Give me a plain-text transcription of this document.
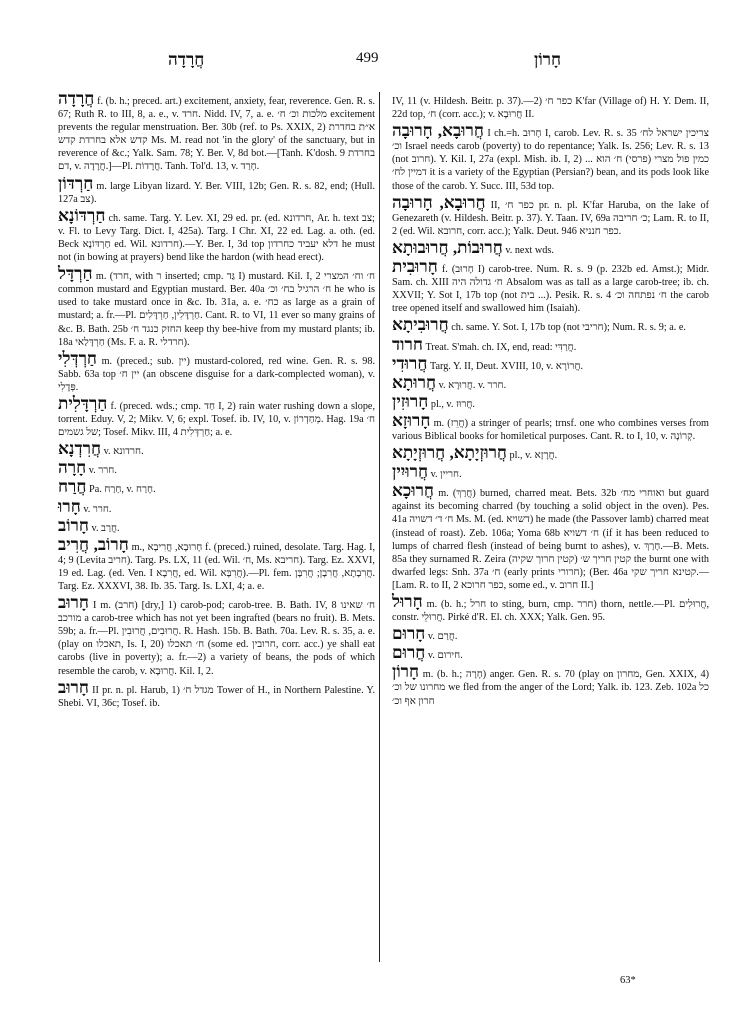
חֲרָדָה	499	חָרוֹן

חֲרָדָה f. (b. h.; preced. art.) excitement, anxiety, fear, reverence. Gen. R. s. 67; Ruth R. to III, 8, a. e., v. חרד. Nidd. IV, 7, a. e. מלכות וכ׳ ח׳ excitement prevents the regular menstruation. Ber. 30b (ref. to Ps. XXIX, 2) א״ת בחדרת קדש אלא בחרדת קדש Ms. M. read not 'in the glory' of the sanctuary, but in reverence of &c.; Yalk. Sam. 78; Y. Ber. V, 8d bot.—[Tanh. K'dosh. 9 בחרדת דם, v. חֲרָדָה.]—Pl. חֲרָדוֹת. Tanh. Tol'd. 13, v. חָרַד.

חַרְדּוֹן m. large Libyan lizard. Y. Ber. VIII, 12b; Gen. R. s. 82, end; (Hull. 127a צב).

חַרְדּוֹנָא ch. same. Targ. Y. Lev. XI, 29 ed. pr. (ed. חרדונא, Ar. h. text צב; v. Fl. to Levy Targ. Dict. I, 425a). Targ. I Chr. XI, 22 ed. Lag. a. oth. (ed. Beck חַרְדּוֹנָא ed. Wil. חרדונא).—Y. Ber. I, 3d top דלא יעביד כחרדון he must not (in bowing at prayers) bend like the hardon (with head erect).

חַרְדָּל m. (חרד, with ר inserted; cmp. גַּד I) mustard. Kil. I, 2 ח׳ וח׳ המצרי common mustard and Egyptian mustard. Ber. 40a ח׳ הרגיל בח׳ וכ׳ he who is used to take mustard once in &c. Ib. 31a, a. e. כח׳ as large as a grain of mustard; a. fr.—Pl. חַרְדָּלִין, חַרְדָּלִים. Cant. R. to VI, 11 ever so many grains of &c. B. Bath. 25b החזק כנגד ח׳ keep thy bee-hive from my mustard plants; ib. 18a חַרְדָּלַאי (Ms. F. a. R. חרדלי).

חַרְדְּלִי m. (preced.; sub. יין) mustard-colored, red wine. Gen. R. s. 98. Sabb. 63a top יין ח׳ (an obscene disguise for a dark-complected woman), v. פְּדָלִי.

חַרְדָּלִית f. (preced. wds.; cmp. חַד I, 2) rain water rushing down a slope, torrent. Eduy. V, 2; Mikv. V, 6; expl. Tosef. ib. IV, 10, v. מְחַדְרוֹן. Hag. 19a ח׳ של גשמים; Tosef. Mikv. III, 4 חַרְדְּלִית; a. e.

חֲרִדְנָא v. חרדונא.

חָרָה v. חרר.

חֲרַח Pa. חַרַח, v. חָרַח.

חָרוּ v. חרר.

חָרוֹב v. חֲרַב.

חָרוֹב, חֲרִיב m., חָרוּבָא, חֲרִיבָא f. (preced.) ruined, desolate. Targ. Hag. I, 4; 9 (Levita חריב). Targ. Ps. LX, 11 (ed. Wil. ח׳, Ms. חריבא). Targ. Ez. XXVI, 19 ed. Lag. (ed. Ven. I חֲרִבָא, ed. Wil. חֲרִבָּא).—Pl. fem. חֲרִבָתָא, חֲרִבָן; חֲרִבָּן. Targ. Ez. XXXVI, 38. Ib. 35. Targ. Is. LXI, 4; a. e.

חָרוּב I m. (חרב) [dry,] 1) carob-pod; carob-tree. B. Bath. IV, 8 ח׳ שאינו מורכב a carob-tree which has not yet been ingrafted (bears no fruit). B. Mets. 59b; a. fr.—Pl. חֲרוּבִים, חֲרוּבִין. R. Hash. 15b. B. Bath. 70a. Lev. R. s. 35, a. e. (play on תאכלו, Is. I, 20) ח׳ תאכלו (some ed. חרובין, corr. acc.) ye shall eat carobs (live in poverty); a. fr.—2) a variety of beans, the pods of which resemble the carob, v. חֲרוּבָא. Kil. I, 2.

חָרוּב II pr. n. pl. Harub, 1) מגדל ח׳ Tower of H., in Northern Palestine. Y. Shebi. VI, 36c; Tosef. ib.

IV, 11 (v. Hildesh. Beitr. p. 37).—2) כפר ח׳ K'far (Village of) H. Y. Dem. II, 22d top, ח׳ (corr. acc.); v. חֲרוּבָא II.

חֲרוּבָא, חָרוּבָה I ch.=h. חָרוּב I, carob. Lev. R. s. 35 צריכין ישראל לח׳ וכ׳ Israel needs carob (poverty) to do repentance; Yalk. Is. 256; Lev. R. s. 13 (not חרוב). Y. Kil. I, 27a (expl. Mish. ib. I, 2) כמין פול מצרי (פרסי) ח׳ הוא ... דמיין לח׳ it is a variety of the Egyptian (Persian?) bean, and its pods look like those of the carob. Y. Succ. III, 53d top.

חֲרוּבָא, חָרוּבָה II, כפר ח׳ pr. n. pl. K'far Haruba, on the lake of Genezareth (v. Hildesh. Beitr. p. 37). Y. Taan. IV, 69a כ׳ חריבה; Lam. R. to II, 2 (ed. Wil. חרובא, corr. acc.); Yalk. Deut. 946 כפר חנניא.

חֲרוּבוֹת, חֲרוּבוּתָא v. next wds.

חָרוּבִית f. (חָרוּב I) carob-tree. Num. R. s. 9 (p. 232b ed. Amst.); Midr. Sam. ch. XIII ח׳ גדולה היה Absalom was as tall as a large carob-tree; ib. ch. XXVII; Y. Sot I, 17b top (not בית ...). Pesik. R. s. 4 ח׳ נפתחה וכ׳ the carob tree opened itself and swallowed him (Isaiah).

חֲרוּבִיתָא ch. same. Y. Sot. I, 17b top (not חריבי); Num. R. s. 9; a. e.

חרוד Treat. S'mah. ch. IX, end, read: חֲרַדִּי.

חֲרוּדִי Targ. Y. II, Deut. XVIII, 10, v. חֲרוֹרָא.

חֲרוּתָא v. חֲרוּרָא. v. חרר.

חָרוּזִין pl., v. חֲרוּז.

חָרוּזָא m. (חֲרֵז) a stringer of pearls; trnsf. one who combines verses from various Biblical books for homiletical purposes. Cant. R. to I, 10, v. קְרוֹנָה.

חֲרוּזְיָתָא, חֲרוּזְיָתָא pl., v. חֲרָזָא.

חֲרוּיִין v. חריין.

חֲרוּכָא m. (חֲרַךְ) burned, charred meat. Bets. 32b ואוחרי מח׳ but guard against its becoming charred (by touching a solid object in the oven). Pes. 41a ח׳ ד׳ דשויה Ms. M. (ed. דשויא) he made (the Passover lamb) charred meat (instead of roast). Zeb. 106a; Yoma 68b ח׳ דשויא (if it has been reduced to lumps of charred flesh (instead of being burnt to ashes), v. חָרַךְ.—B. Mets. 85a they surnamed R. Zeira קטין חריך ש׳ (קטין חרוך שקיה) the burnt one with dwarfed legs: Snh. 37a ח׳ (early prints חרורי); (Ber. 46a קטינא חריך שקי.—[Lam. R. to II, 2 כפר חרוכא, some ed., v. חרוב II.]

חָרוּל m. (b. h.; חרל to sting, burn, cmp. חרר) thorn, nettle.—Pl. חֲרוּלִים, constr. חֲרוּלֵי. Pirké d'R. El. ch. XXX; Yalk. Gen. 95.

חָרוּם v. חֲרַם.

חֲרוּם v. חירום.

חָרוֹן m. (b. h.; חָרָה) anger. Gen. R. s. 70 (play on מחרון, Gen. XXIX, 4) מחרונו של וכ׳ we fled from the anger of the Lord; Yalk. ib. 123. Zeb. 102a כל חרון אף וכ׳

63*
